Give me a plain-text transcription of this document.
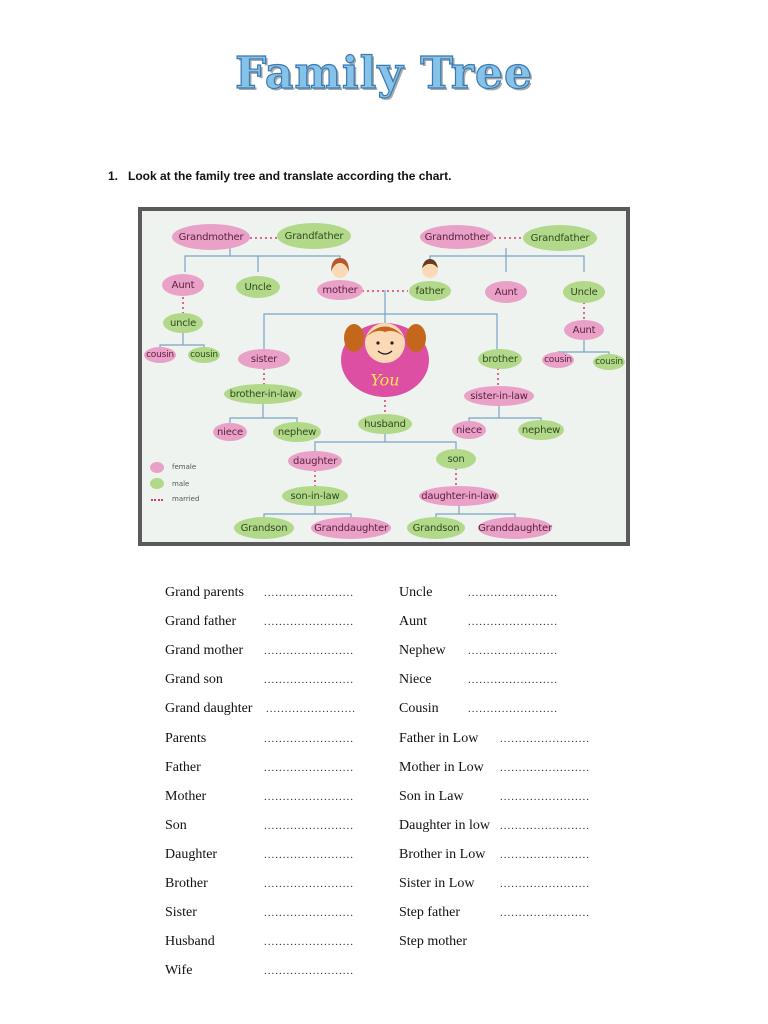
Family Tree
1. Look at the family tree and translate according the chart.
Grandmother	Grandfather	Grandmother	Grandfather
Aunt	Uncle	mother	father	Aunt	Uncle
uncle
Aunt
cousin cousin	cousin	cousin
sister	brother
You
brother-in-law	sister-in-law
husband
niece	nephew	niece	nephew
daughter	son
son-in-law	daughter-in-law
Grandson	Granddaughter	Grandson	Granddaughter
female
male
married
Grand parents ........................
Grand father	........................
Grand mother ........................
Grand son	........................
Grand daughter ........................
Parents	........................
Father	........................
Mother	........................
Son	........................
Daughter	........................
Brother	........................
Sister	........................
Husband	........................
Wife	........................
Uncle	........................
Aunt	........................
Nephew ........................
Niece	........................
Cousin	........................
Father in Low ........................
Mother in Low ........................
Son in Law	........................
Daughter in low ........................
Brother in Low ........................
Sister in Low ........................
Step father	........................
Step mother
